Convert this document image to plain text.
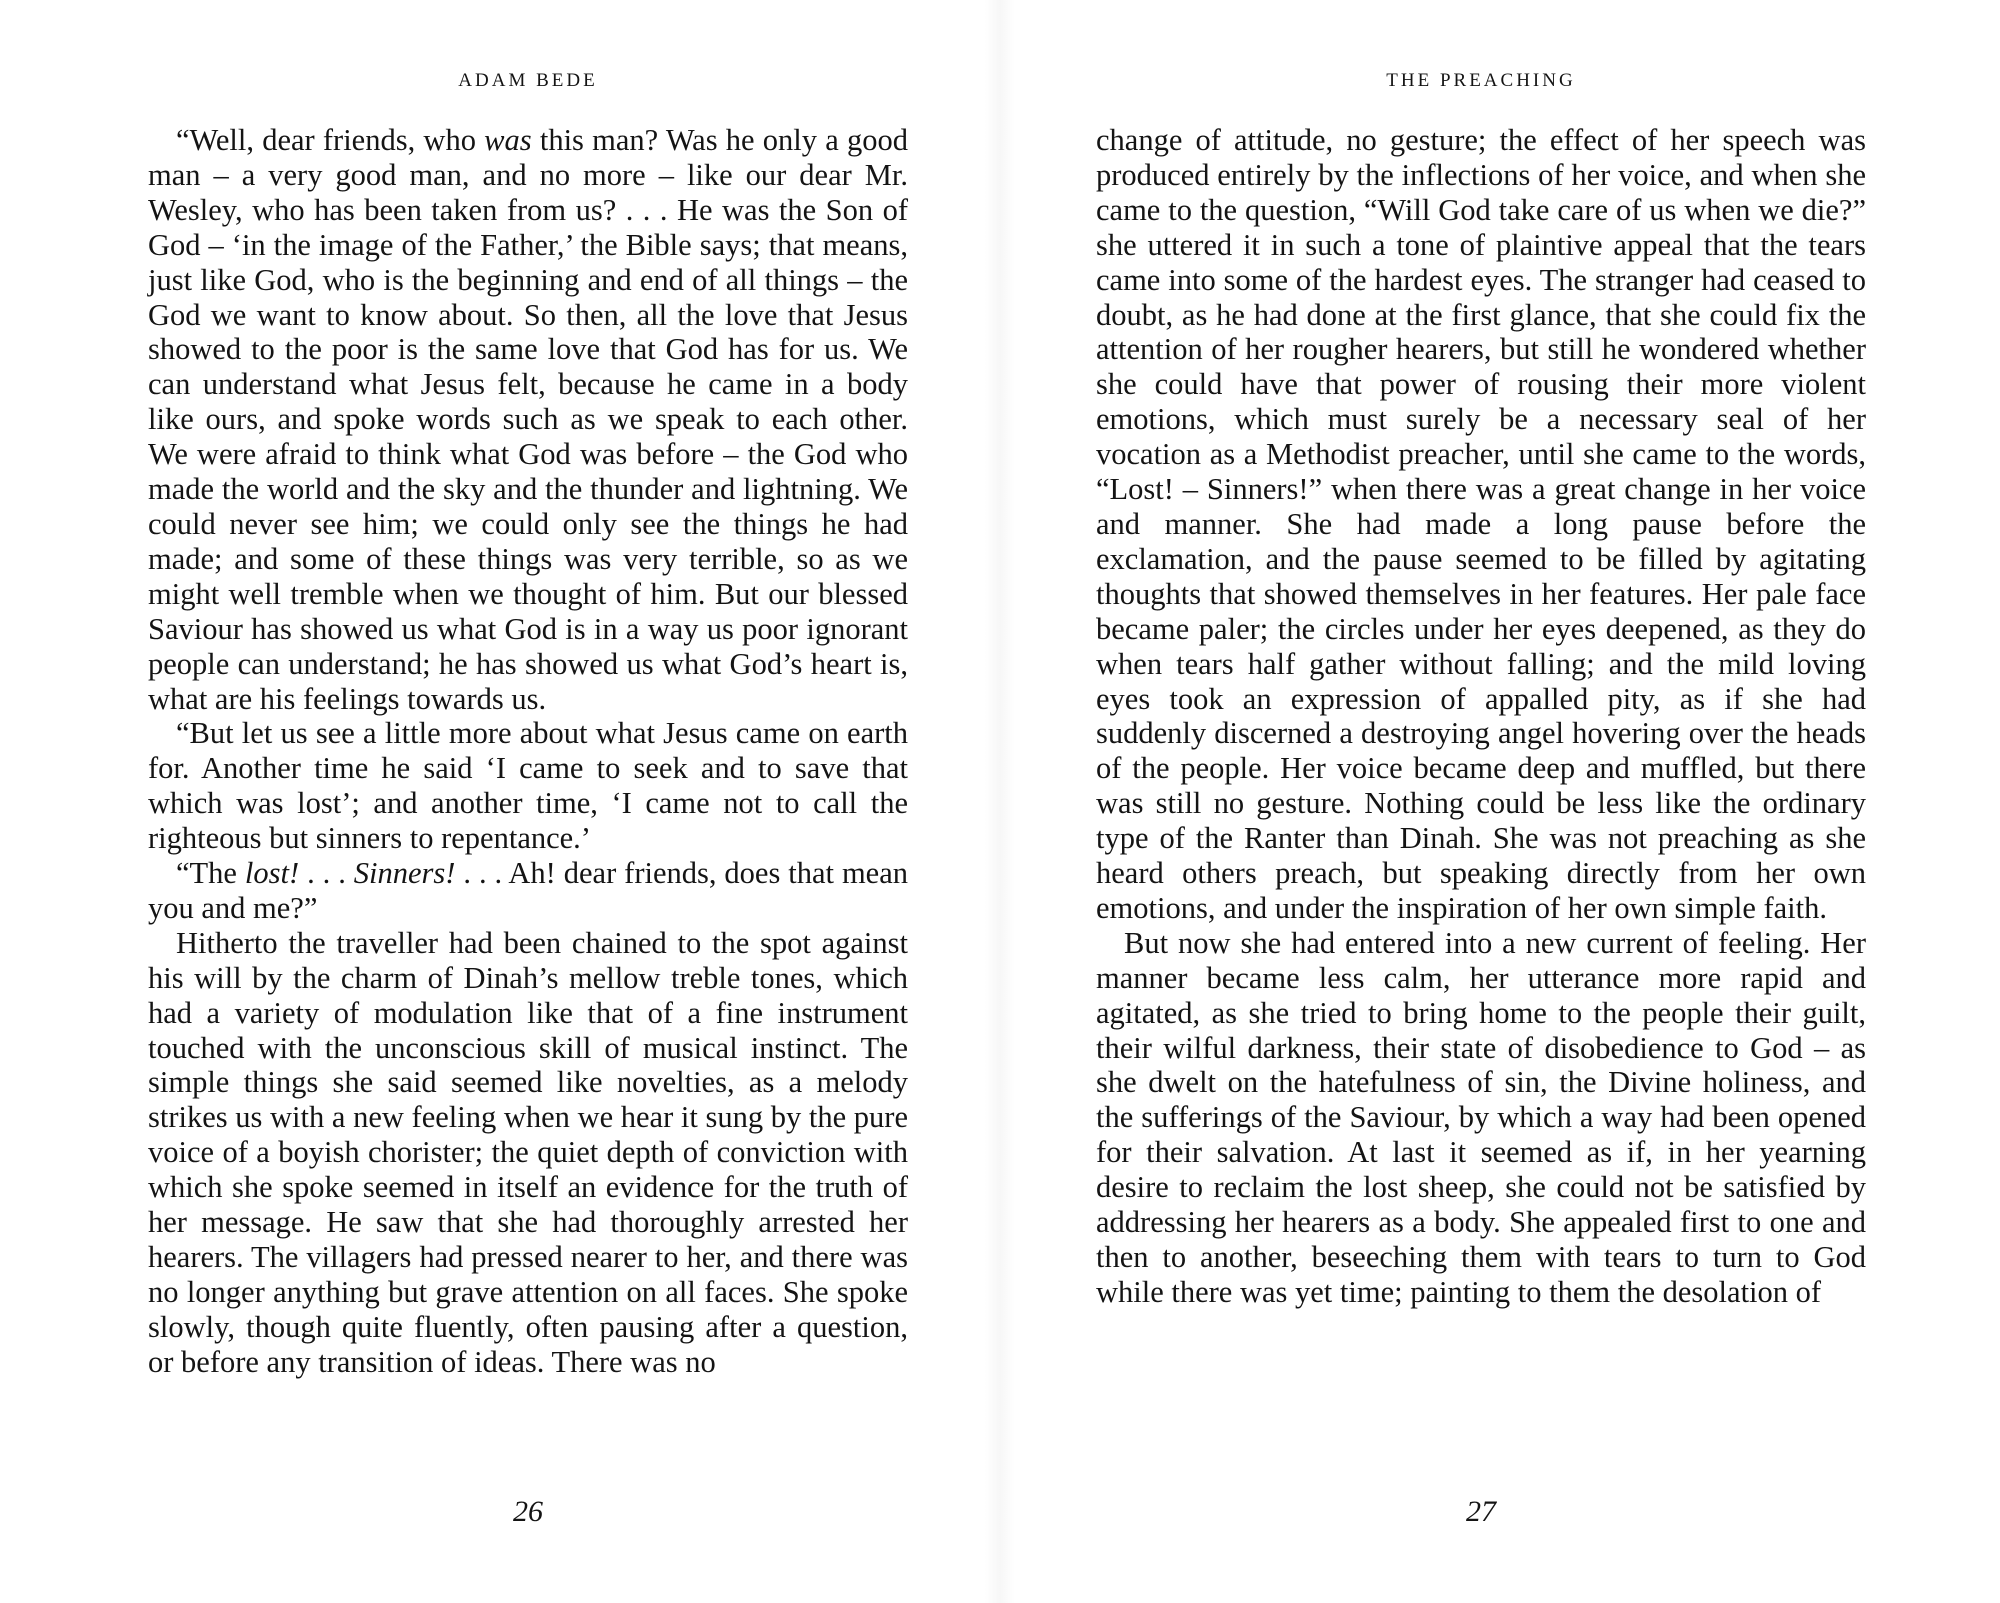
ADAM BEDE

“Well, dear friends, who was this man? Was he only a good man – a very good man, and no more – like our dear Mr. Wesley, who has been taken from us? . . . He was the Son of God – ‘in the image of the Father,’ the Bible says; that means, just like God, who is the beginning and end of all things – the God we want to know about. So then, all the love that Jesus showed to the poor is the same love that God has for us. We can understand what Jesus felt, because he came in a body like ours, and spoke words such as we speak to each other. We were afraid to think what God was before – the God who made the world and the sky and the thunder and lightning. We could never see him; we could only see the things he had made; and some of these things was very terrible, so as we might well tremble when we thought of him. But our blessed Saviour has showed us what God is in a way us poor ignorant people can understand; he has showed us what God’s heart is, what are his feelings towards us.

“But let us see a little more about what Jesus came on earth for. Another time he said ‘I came to seek and to save that which was lost’; and another time, ‘I came not to call the righteous but sinners to repentance.’

“The lost! . . . Sinners! . . . Ah! dear friends, does that mean you and me?”

Hitherto the traveller had been chained to the spot against his will by the charm of Dinah’s mellow treble tones, which had a variety of modulation like that of a fine instrument touched with the unconscious skill of musical instinct. The simple things she said seemed like novelties, as a melody strikes us with a new feeling when we hear it sung by the pure voice of a boyish chorister; the quiet depth of conviction with which she spoke seemed in itself an evidence for the truth of her message. He saw that she had thoroughly arrested her hearers. The villagers had pressed nearer to her, and there was no longer anything but grave attention on all faces. She spoke slowly, though quite fluently, often pausing after a question, or before any transition of ideas. There was no

26
THE PREACHING

change of attitude, no gesture; the effect of her speech was produced entirely by the inflections of her voice, and when she came to the question, “Will God take care of us when we die?” she uttered it in such a tone of plaintive appeal that the tears came into some of the hardest eyes. The stranger had ceased to doubt, as he had done at the first glance, that she could fix the attention of her rougher hearers, but still he wondered whether she could have that power of rousing their more violent emotions, which must surely be a necessary seal of her vocation as a Methodist preacher, until she came to the words, “Lost! – Sinners!” when there was a great change in her voice and manner. She had made a long pause before the exclamation, and the pause seemed to be filled by agitating thoughts that showed themselves in her features. Her pale face became paler; the circles under her eyes deepened, as they do when tears half gather without falling; and the mild loving eyes took an expression of appalled pity, as if she had suddenly discerned a destroying angel hovering over the heads of the people. Her voice became deep and muffled, but there was still no gesture. Nothing could be less like the ordinary type of the Ranter than Dinah. She was not preaching as she heard others preach, but speaking directly from her own emotions, and under the inspiration of her own simple faith.

But now she had entered into a new current of feeling. Her manner became less calm, her utterance more rapid and agitated, as she tried to bring home to the people their guilt, their wilful darkness, their state of disobedience to God – as she dwelt on the hatefulness of sin, the Divine holiness, and the sufferings of the Saviour, by which a way had been opened for their salvation. At last it seemed as if, in her yearning desire to reclaim the lost sheep, she could not be satisfied by addressing her hearers as a body. She appealed first to one and then to another, beseeching them with tears to turn to God while there was yet time; painting to them the desolation of

27
